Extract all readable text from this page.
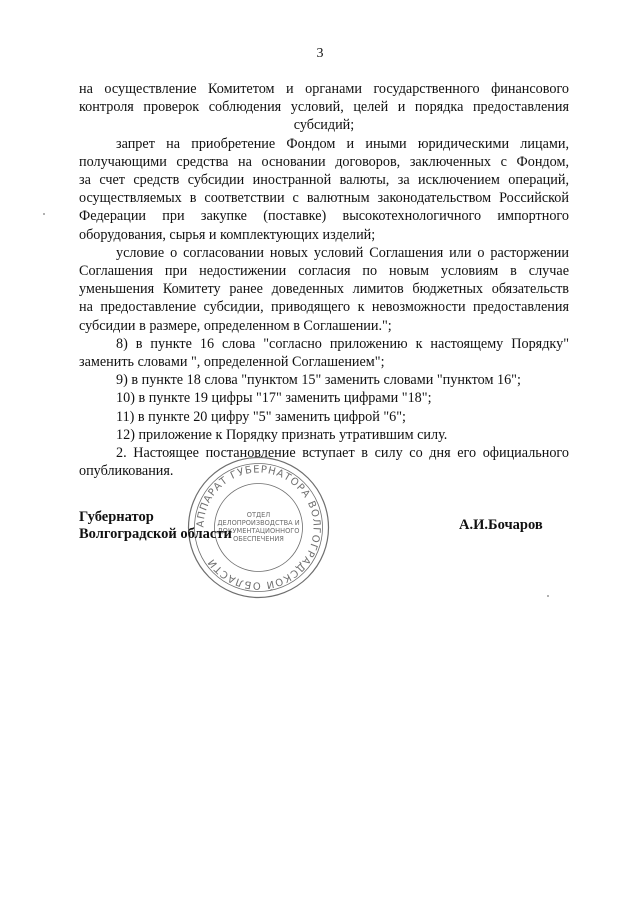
3
на осуществление Комитетом и органами государственного финансового
контроля проверок соблюдения условий, целей и порядка предоставления
субсидий;
запрет на приобретение Фондом и иными юридическими лицами,
получающими средства на основании договоров, заключенных с Фондом,
за счет средств субсидии иностранной валюты, за исключением операций,
осуществляемых в соответствии с валютным законодательством Российской
Федерации при закупке (поставке) высокотехнологичного импортного
оборудования, сырья и комплектующих изделий;
условие о согласовании новых условий Соглашения или о расторжении
Соглашения при недостижении согласия по новым условиям в случае
уменьшения Комитету ранее доведенных лимитов бюджетных обязательств
на предоставление субсидии, приводящего к невозможности предоставления
субсидии в размере, определенном в Соглашении.";
8) в пункте 16 слова "согласно приложению к настоящему Порядку"
заменить словами ", определенной Соглашением";
9) в пункте 18 слова "пунктом 15" заменить словами "пунктом 16";
10) в пункте 19 цифры "17" заменить цифрами "18";
11) в пункте 20 цифру "5" заменить цифрой "6";
12) приложение к Порядку признать утратившим силу.
2. Настоящее постановление вступает в силу со дня его официального
опубликования.
АППАРАТ ГУБЕРНАТОРА ВОЛГОГРАДСКОЙ ОБЛАСТИ
ОТДЕЛ
ДЕЛОПРОИЗВОДСТВА И
ДОКУМЕНТАЦИОННОГО
ОБЕСПЕЧЕНИЯ
Губернатор
Волгоградской области
А.И.Бочаров
